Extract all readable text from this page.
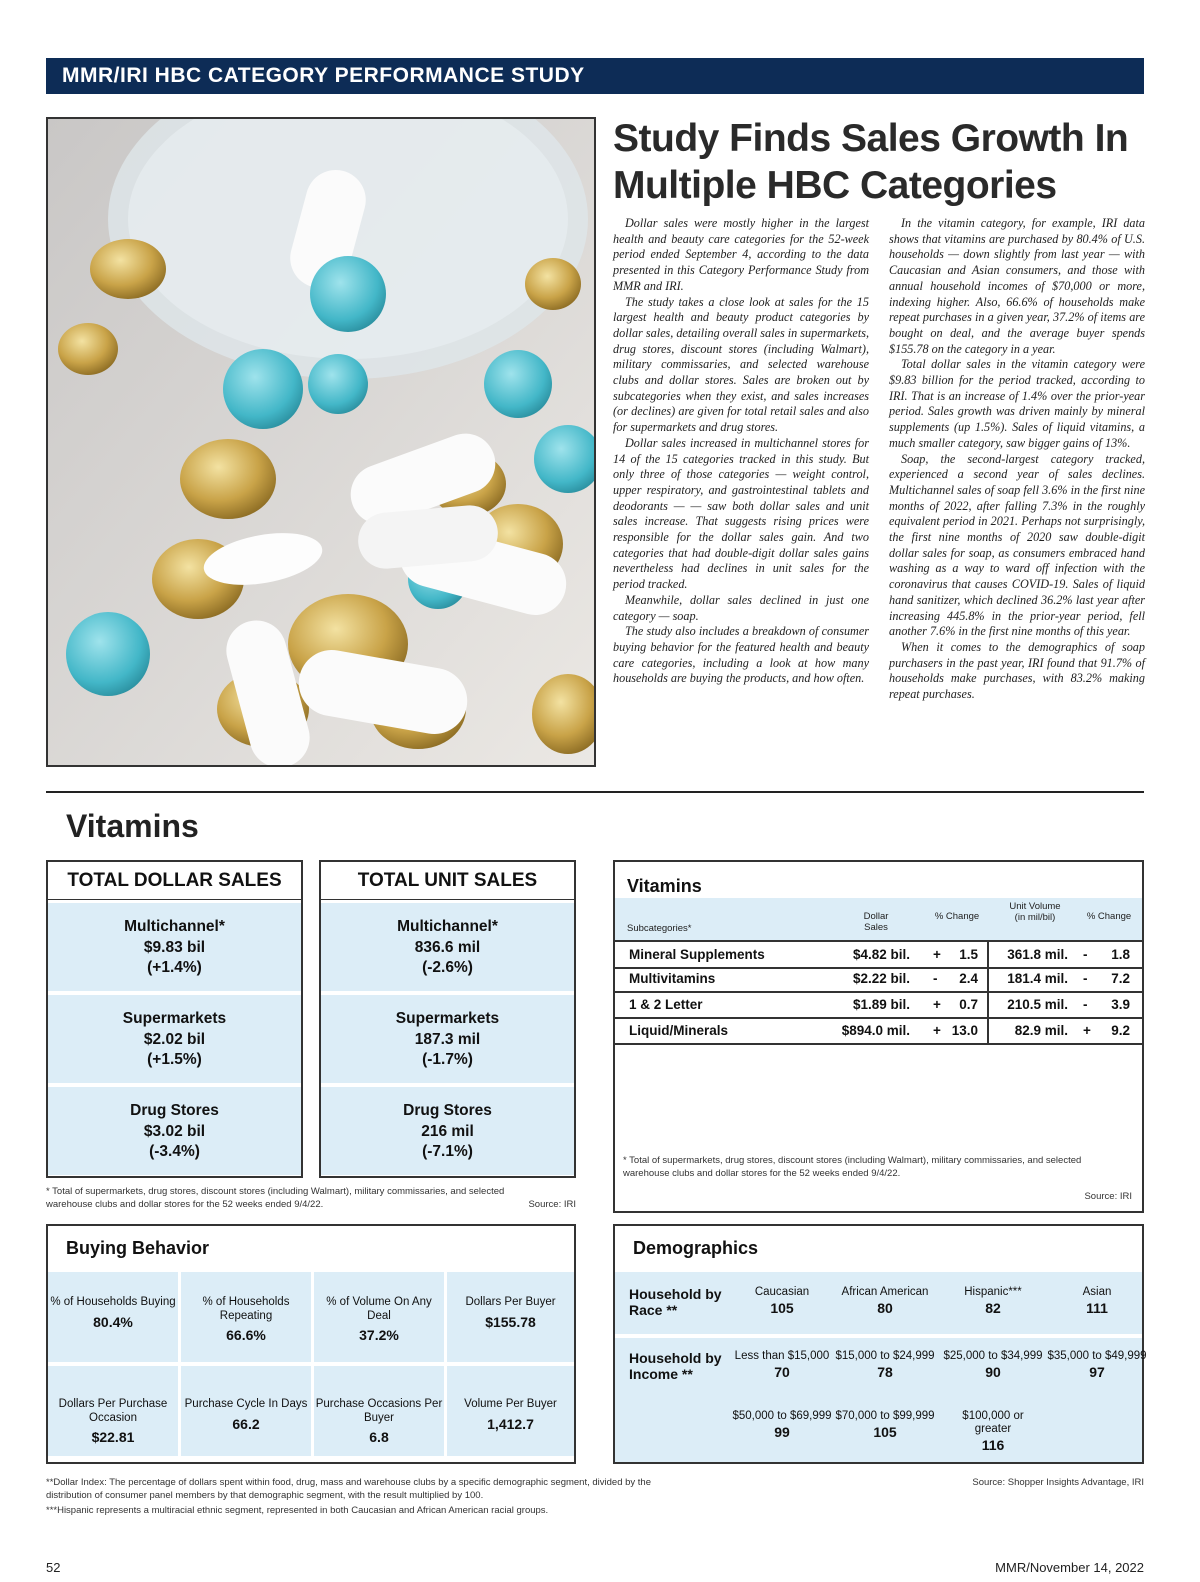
MMR/IRI HBC CATEGORY PERFORMANCE STUDY
Study Finds Sales Growth In Multiple HBC Categories

Dollar sales were mostly higher in the largest health and beauty care categories for the 52-week period ended September 4, according to the data presented in this Category Performance Study from MMR and IRI.

The study takes a close look at sales for the 15 largest health and beauty product categories by dollar sales, detailing overall sales in supermarkets, drug stores, discount stores (including Walmart), military commissaries, and selected warehouse clubs and dollar stores. Sales are broken out by subcategories when they exist, and sales increases (or declines) are given for total retail sales and also for supermarkets and drug stores.

Dollar sales increased in multichannel stores for 14 of the 15 categories tracked in this study. But only three of those categories — weight control, upper respiratory, and gastrointestinal tablets and deodorants — — saw both dollar sales and unit sales increase. That suggests rising prices were responsible for the dollar sales gain. And two categories that had double-digit dollar sales gains nevertheless had declines in unit sales for the period tracked.

Meanwhile, dollar sales declined in just one category — soap.

The study also includes a breakdown of consumer buying behavior for the featured health and beauty care categories, including a look at how many households are buying the products, and how often.

In the vitamin category, for example, IRI data shows that vitamins are purchased by 80.4% of U.S. households — down slightly from last year — with Caucasian and Asian consumers, and those with annual household incomes of $70,000 or more, indexing higher. Also, 66.6% of households make repeat purchases in a given year, 37.2% of items are bought on deal, and the average buyer spends $155.78 on the category in a year.

Total dollar sales in the vitamin category were $9.83 billion for the period tracked, according to IRI. That is an increase of 1.4% over the prior-year period. Sales growth was driven mainly by mineral supplements (up 1.5%). Sales of liquid vitamins, a much smaller category, saw bigger gains of 13%.

Soap, the second-largest category tracked, experienced a second year of sales declines. Multichannel sales of soap fell 3.6% in the first nine months of 2022, after falling 7.3% in the roughly equivalent period in 2021. Perhaps not surprisingly, the first nine months of 2020 saw double-digit dollar sales for soap, as consumers embraced hand washing as a way to ward off infection with the coronavirus that causes COVID-19. Sales of liquid hand sanitizer, which declined 36.2% last year after increasing 445.8% in the prior-year period, fell another 7.6% in the first nine months of this year.

When it comes to the demographics of soap purchasers in the past year, IRI found that 91.7% of households make purchases, with 83.2% making repeat purchases.

Vitamins
TOTAL DOLLAR SALES
Multichannel*
$9.83 bil
(+1.4%)
Supermarkets
$2.02 bil
(+1.5%)
Drug Stores
$3.02 bil
(-3.4%)
TOTAL UNIT SALES
Multichannel*
836.6 mil
(-2.6%)
Supermarkets
187.3 mil
(-1.7%)
Drug Stores
216 mil
(-7.1%)
* Total of supermarkets, drug stores, discount stores (including Walmart), military commissaries, and selected warehouse clubs and dollar stores for the 52 weeks ended 9/4/22.	Source: IRI
Vitamins
Subcategories*
Dollar Sales
% Change
Unit Volume (in mil/bil)	% Change
Mineral Supplements	$4.82 bil. + 1.5 361.8 mil. - 1.8
Multivitamins	$2.22 bil. - 2.4 181.4 mil. - 7.2
1 & 2 Letter	$1.89 bil. + 0.7 210.5 mil. - 3.9
Liquid/Minerals	$894.0 mil. + 13.0	82.9 mil. + 9.2
* Total of supermarkets, drug stores, discount stores (including Walmart), military commissaries, and selected warehouse clubs and dollar stores for the 52 weeks ended 9/4/22.
Source: IRI
Buying Behavior
% of Households Buying
80.4%
% of Households Repeating
66.6%
% of Volume On Any Deal
37.2%
Dollars Per Buyer
$155.78
Dollars Per Purchase Occasion
$22.81
Purchase Cycle In Days
66.2
Purchase Occasions Per Buyer
6.8
Volume Per Buyer
1,412.7
Demographics
Household by Race **
Caucasian
105
African American
80
Hispanic***
82
Asian
111
Household by Income **
Less than $15,000
70
$15,000 to $24,999
78
$25,000 to $34,999
90
$35,000 to $49,999
97
$50,000 to $69,999
99
$70,000 to $99,999
105
$100,000 or greater
116
**Dollar Index: The percentage of dollars spent within food, drug, mass and warehouse clubs by a specific demographic segment, divided by the distribution of consumer panel members by that demographic segment, with the result multiplied by 100.
***Hispanic represents a multiracial ethnic segment, represented in both Caucasian and African American racial groups.
Source: Shopper Insights Advantage, IRI
52	MMR/November 14, 2022
